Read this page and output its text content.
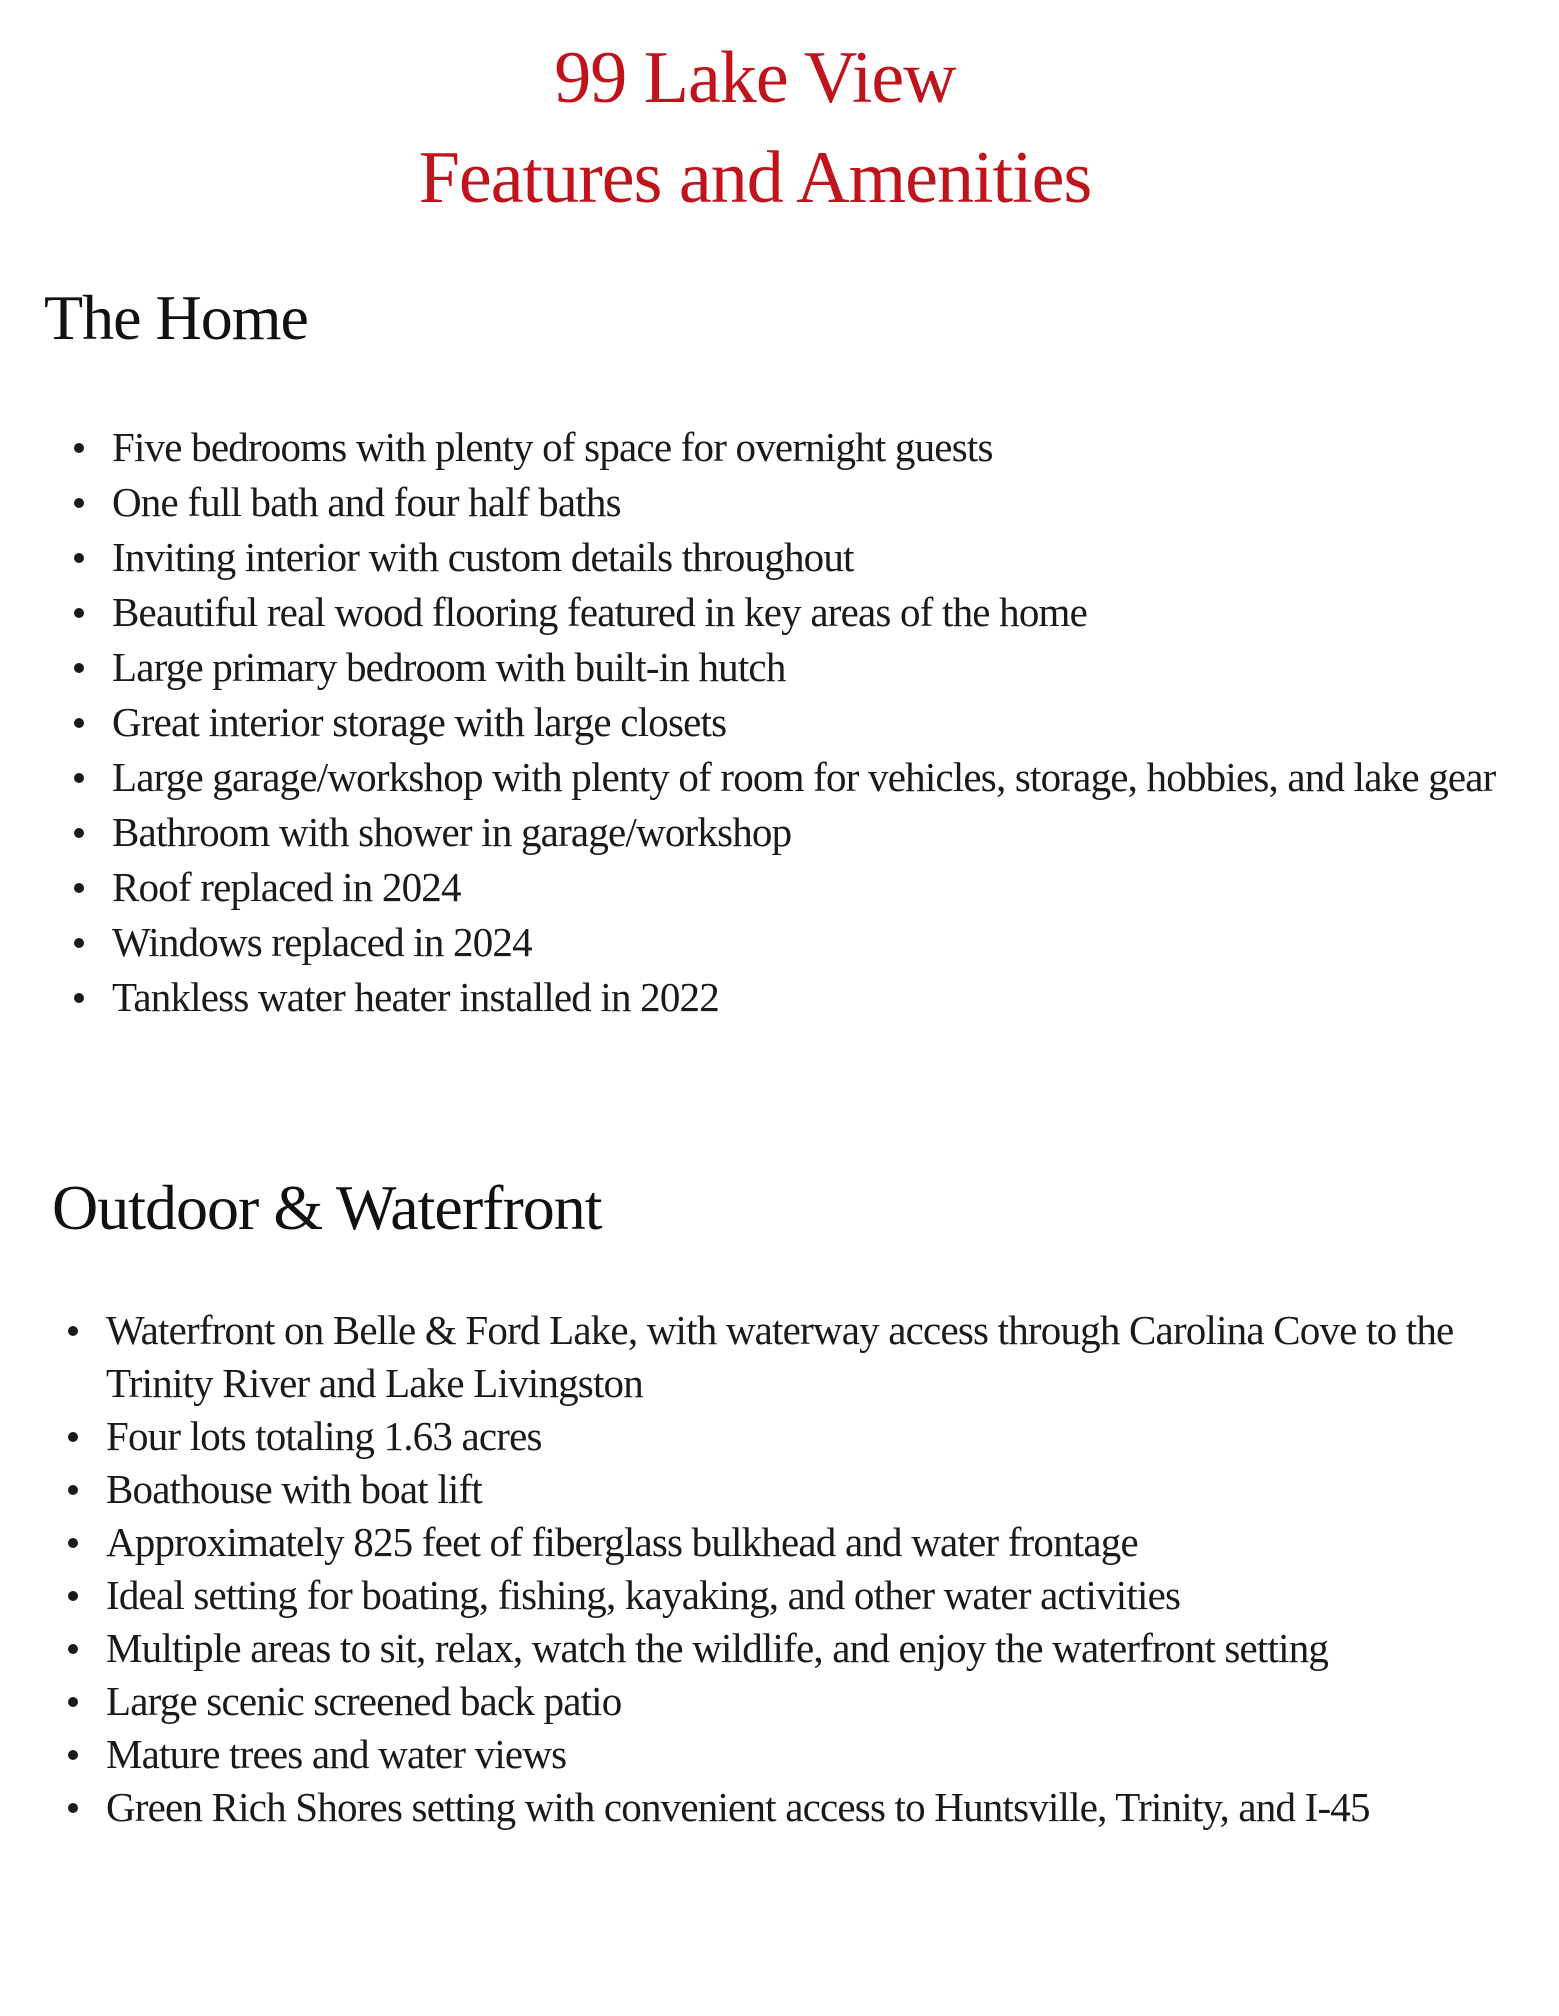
99 Lake View
Features and Amenities
The Home
Five bedrooms with plenty of space for overnight guests
One full bath and four half baths
Inviting interior with custom details throughout
Beautiful real wood flooring featured in key areas of the home
Large primary bedroom with built-in hutch
Great interior storage with large closets
Large garage/workshop with plenty of room for vehicles, storage, hobbies, and lake gear
Bathroom with shower in garage/workshop
Roof replaced in 2024
Windows replaced in 2024
Tankless water heater installed in 2022
Outdoor & Waterfront
Waterfront on Belle & Ford Lake, with waterway access through Carolina Cove to the Trinity River and Lake Livingston
Four lots totaling 1.63 acres
Boathouse with boat lift
Approximately 825 feet of fiberglass bulkhead and water frontage
Ideal setting for boating, fishing, kayaking, and other water activities
Multiple areas to sit, relax, watch the wildlife, and enjoy the waterfront setting
Large scenic screened back patio
Mature trees and water views
Green Rich Shores setting with convenient access to Huntsville, Trinity, and I-45
